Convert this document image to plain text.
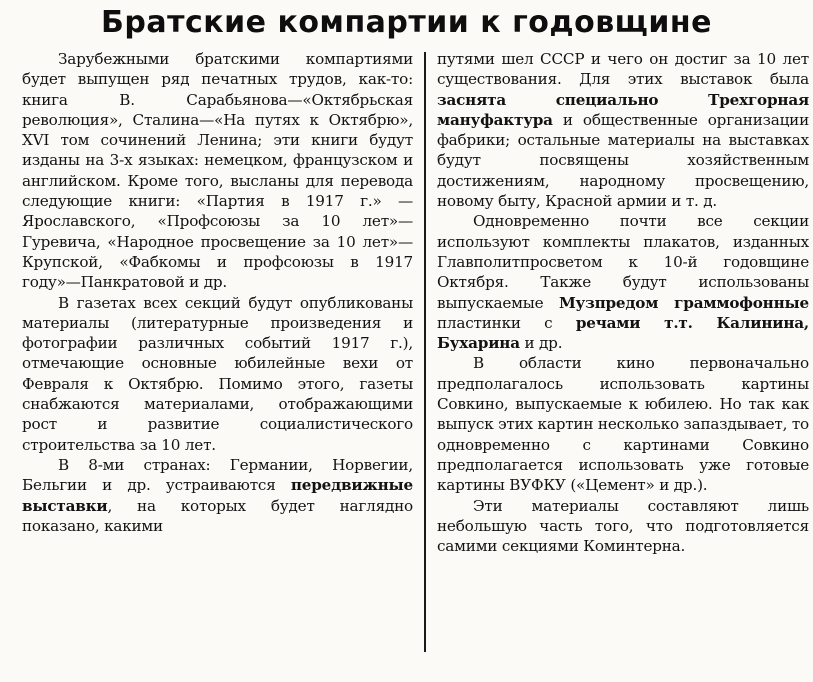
Братские компартии к годовщине

Зарубежными братскими компартиями будет выпущен ряд печатных трудов, как-то: книга В. Сарабьянова—«Октябрьская революция», Сталина—«На путях к Октябрю», XVI том сочинений Ленина; эти книги будут изданы на 3-х языках: немецком, французском и английском. Кроме того, высланы для перевода следующие книги: «Партия в 1917 г.» —Ярославского, «Профсоюзы за 10 лет»—Гуревича, «Народное просвещение за 10 лет»—Крупской, «Фабкомы и профсоюзы в 1917 году»—Панкратовой и др.

В газетах всех секций будут опубликованы материалы (литературные произведения и фотографии различных событий 1917 г.), отмечающие основные юбилейные вехи от Февраля к Октябрю. Помимо этого, газеты снабжаются материалами, отображающими рост и развитие социалистического строительства за 10 лет.

В 8-ми странах: Германии, Норвегии, Бельгии и др. устраиваются передвижные выставки, на которых будет наглядно показано, какими

путями шел СССР и чего он достиг за 10 лет существования. Для этих выставок была заснята специально Трехгорная мануфактура и общественные организации фабрики; остальные материалы на выставках будут посвящены хозяйственным достижениям, народному просвещению, новому быту, Красной армии и т. д.

Одновременно почти все секции используют комплекты плакатов, изданных Главполитпросветом к 10-й годовщине Октября. Также будут использованы выпускаемые Музпредом граммофонные пластинки с речами т.т. Калинина, Бухарина и др.

В области кино первоначально предполагалось использовать картины Совкино, выпускаемые к юбилею. Но так как выпуск этих картин несколько запаздывает, то одновременно с картинами Совкино предполагается использовать уже готовые картины ВУФКУ («Цемент» и др.).

Эти материалы составляют лишь небольшую часть того, что подготовляется самими секциями Коминтерна.
